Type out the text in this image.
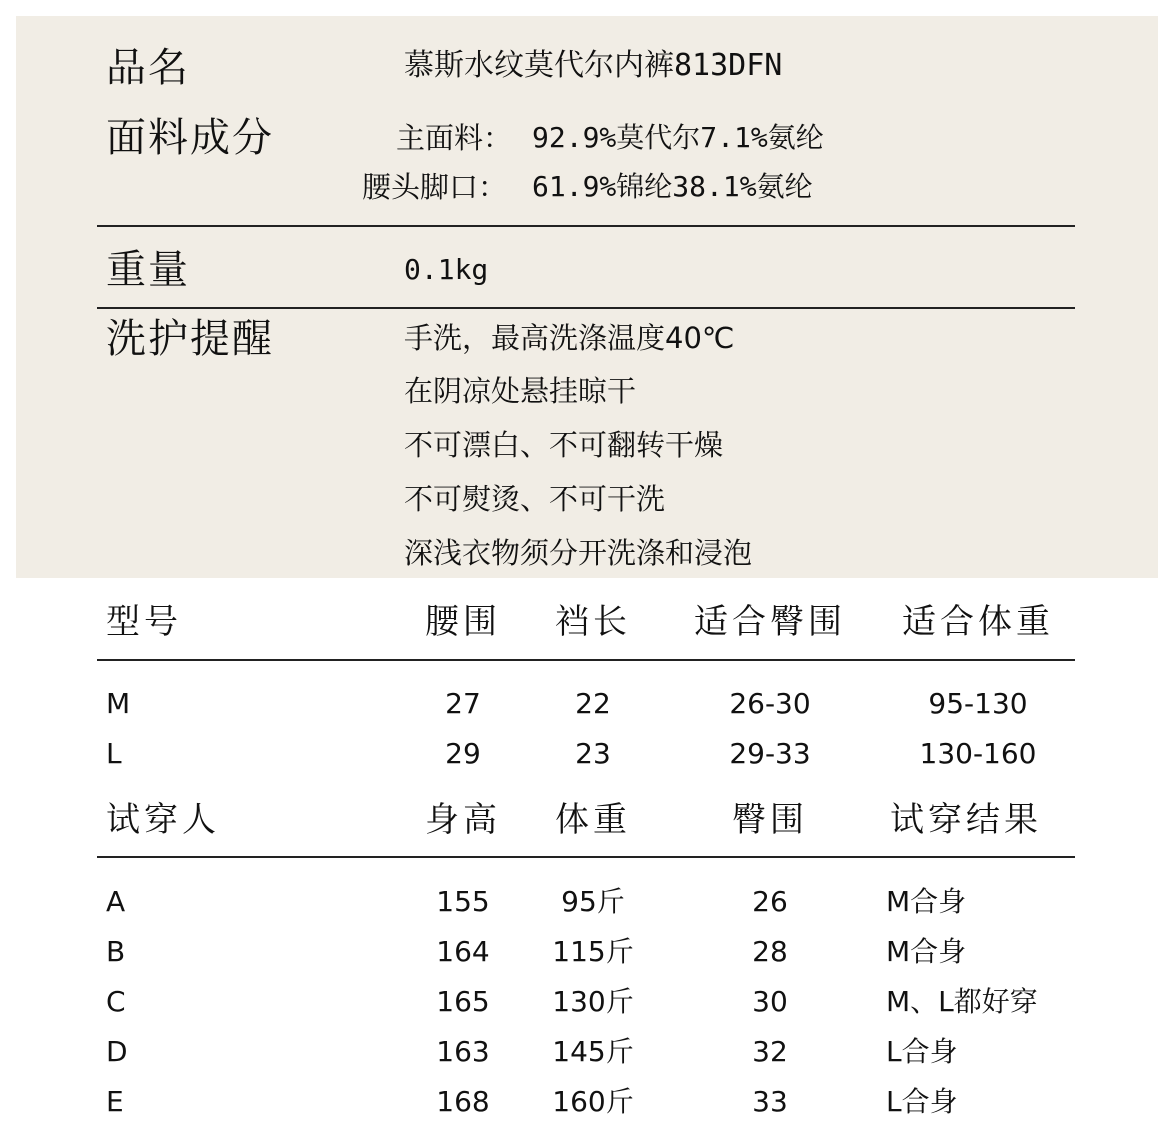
品名	慕斯水纹莫代尔内裤813DFN
面料成分	主面料： 92.9%莫代尔7.1%氨纶
腰头脚口： 61.9%锦纶38.1%氨纶
重量	0.1kg
洗护提醒	手洗，最高洗涤温度40℃
在阴凉处悬挂晾干
不可漂白、不可翻转干燥
不可熨烫、不可干洗
深浅衣物须分开洗涤和浸泡
型号	腰围 裆长 适合臀围 适合体重
M	27	22	26-30	95-130
L	29	23	29-33	130-160
试穿人	身高 体重	臀围 试穿结果
A	155	95斤	26	M合身
B	164 115斤	28	M合身
C	165 130斤	30	M、L都好穿
D	163 145斤	32	L合身
E	168 160斤	33	L合身
